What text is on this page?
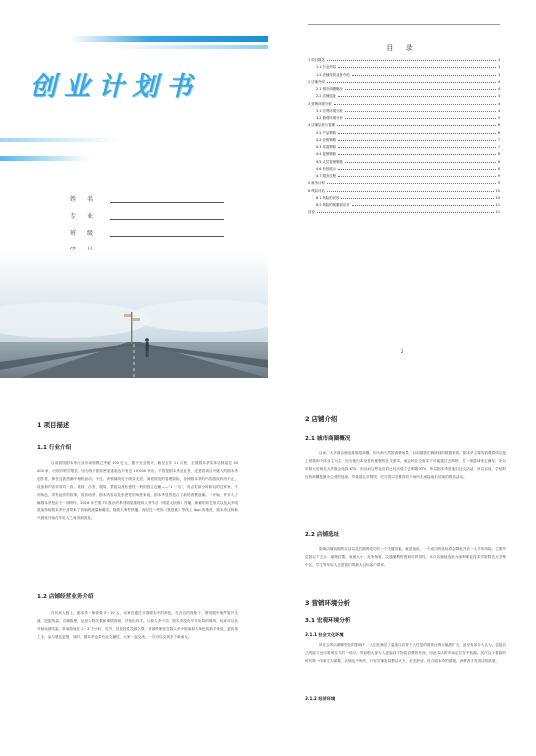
创业计划书
姓名
专业
班级
目 录
1 项目描述	3
1.1 行业介绍	3
1.2 店铺经营业务介绍	3
2 店铺介绍	4
2.1 城市商圈概况	4
2.2 店铺选址	4
3 营销环境分析	4
3.1 宏观环境分析	4
3.2 微观环境分析	5
4 店铺运营与管理	6
4.1 产品策略	6
4.2 价格策略	7
4.3 渠道策略	7
4.4 促销策略	8
4.5 人员管理策略	8
4.6 有形展示	8
4.7 服务过程	9
5 财务计划	9
6 风险评估	10
6.1 风险的识别	10
6.2 风险的规避和应对	11
结论	11
2
1 项目描述
1.1 行业介绍

目前我国剧本杀行业市场规模已突破 100 亿元，据不完全统计，截至去年 11 月底，全国剧本杀实体店数接近 30 000 家，出现井喷式增长。因为线下剧乐密室逃脱也只有近 10 000 家店，不管是剧本杀业业者，还是将项目升级入的剧本杀创作者，都在这波热潮中相机而动。不过，该领域尚处于萌芽无差，请很规范的管理面临，各种剧本杀的内容版权纠纷不止，设备和内容异常对一致；桌椅、沙发、服装、景板以及私密性一般的独立包厢——“1 一名”，有点类似小时候玩的过家家，不同角色，带有起伏的故事，但其场景、剧本内容以及私密性的角度来说，剧本杀显然迎合了新的消费浪潮。一开始，许多人了解剧本杀是由于一部网综。2016 年芒果 TV 推出的系列明星推理真人秀节目《明星大侦探》首播，新颖的综艺形式以及众多明星加持给剧本杀行业带来了初始的流量和曝光，随着大事件热播，再经过一些如《我是谜》等线上 App 的推进，剧本杀这种新兴游戏开始在年轻人之间得到普及。

1.2 店铺经营业务介绍

在玩家人数上，剧本杀一般需要 5～10 人，玩家们通过分饰剧本中的角色，在各自的视角下，围绕剧中案件展开交流、挖掘线索、合理推理，运用人物关系和事情真相，并找出内手。与狼人杀不同，剧本杀没有早早出局的规则，玩家可以从开始玩到结束。单场游戏在 2～3 个小时，另外，其竞技性没那么强，对那些胆怯在陌人多中推演那人角色的新手来说，更容易上手，参与感也更强，同时，剧本杀也带有社交属性，大家一起交流，一次可以交到多个新朋友。

2 店铺介绍
2.1 城市商圈概况

目前，大多数店铺选址都是商圈，因为商天然的消费场景，目前据我们调研到的数据来看，剧本杀主要的消费群体还是上班族和个体业主为主，因为他们本身是有极强的社交需求，而这种社交需求不可能通过去网吧、打一场篮球来去满足，所以年龄大的朋友大多数会选择 KTV，但目前这些社员们已经厌倦了去唱歌 KTV，所以剧本杀是他们社交活动，所以目前，学校附近的商圈是最为合适的选择，毕竟那么多餐馆，吃完饭以后都得有个场所去承接他们后续的娱乐活动。

2.2 店铺选址

影响店铺初期的存活以及后期的成功有一个关键因素，就是选址，一个成功的选址将会降低开店一大半的风险。主要考虑因以下五点：地理位置、客流大小、竞争角度、交通便利程度和可获得性。本次店铺就选址为深圳职业技术学院附近大学集中区，学生等年轻人正是我们的最大目标客户群体。

3 营销环境分析
3.1 宏观环境分析
3.1.1 社会文化环境

所在企风向潮都型化的影响下，人们在满足了温饱以后者个人性复的群体比例大幅度扩大，甚至有部分人认为，包装自己的能力也可看成实力的一部分。然而绝大部分人更偏向于物质消费的东西，因此本店的市场定位在中低端。其次这个看脸的时代第一印象尤为重要，店铺也不例外，只有店铺布局整洁大方，灯光舒适，符合剧本杀的情境，消费者才有进店的欲望。

3.1.2 经济环境
